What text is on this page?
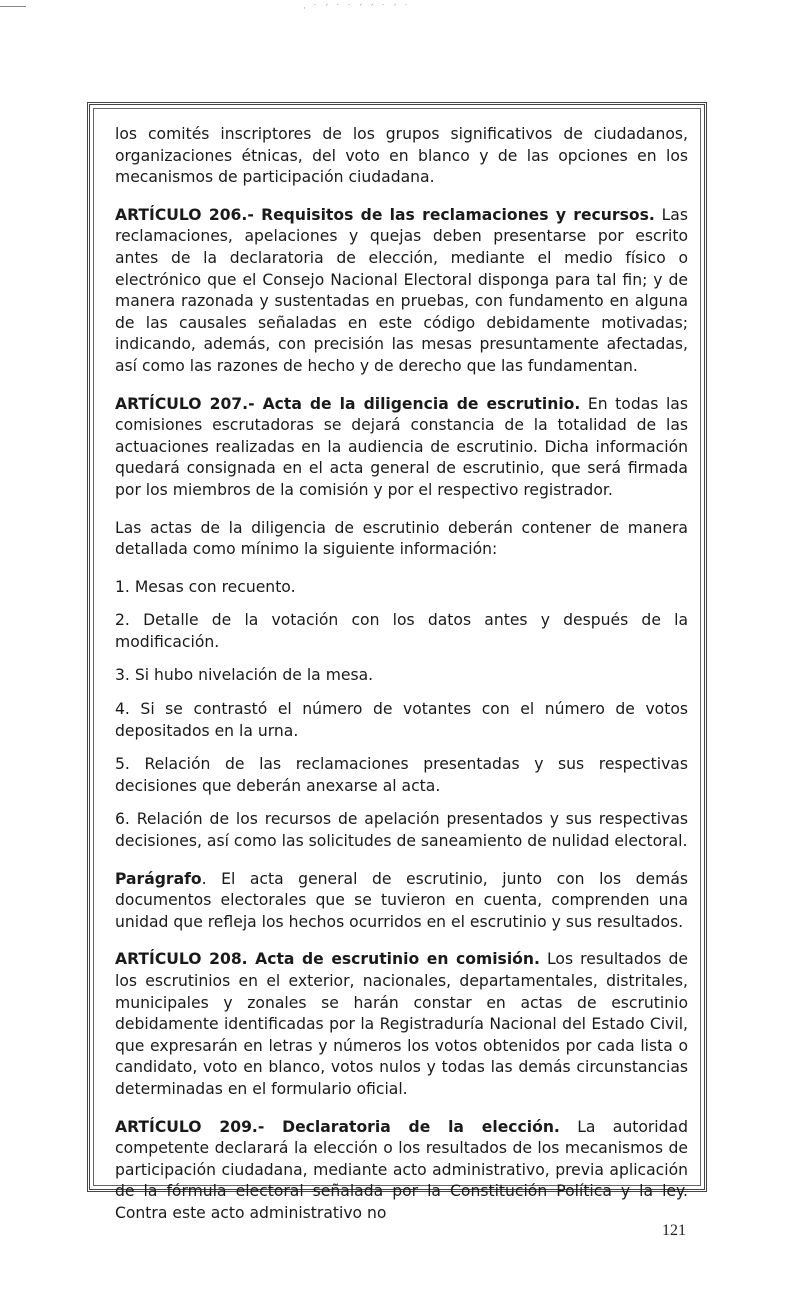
· ˙ ´ ˙ ˙ ´ ´ ˙ ´ ˙

los comités inscriptores de los grupos significativos de ciudadanos, organizaciones étnicas, del voto en blanco y de las opciones en los mecanismos de participación ciudadana.

ARTÍCULO 206.- Requisitos de las reclamaciones y recursos. Las reclamaciones, apelaciones y quejas deben presentarse por escrito antes de la declaratoria de elección, mediante el medio físico o electrónico que el Consejo Nacional Electoral disponga para tal fin; y de manera razonada y sustentadas en pruebas, con fundamento en alguna de las causales señaladas en este código debidamente motivadas; indicando, además, con precisión las mesas presuntamente afectadas, así como las razones de hecho y de derecho que las fundamentan.

ARTÍCULO 207.- Acta de la diligencia de escrutinio. En todas las comisiones escrutadoras se dejará constancia de la totalidad de las actuaciones realizadas en la audiencia de escrutinio. Dicha información quedará consignada en el acta general de escrutinio, que será firmada por los miembros de la comisión y por el respectivo registrador.

Las actas de la diligencia de escrutinio deberán contener de manera detallada como mínimo la siguiente información:

1. Mesas con recuento.

2. Detalle de la votación con los datos antes y después de la modificación.

3. Si hubo nivelación de la mesa.

4. Si se contrastó el número de votantes con el número de votos depositados en la urna.

5. Relación de las reclamaciones presentadas y sus respectivas decisiones que deberán anexarse al acta.

6. Relación de los recursos de apelación presentados y sus respectivas decisiones, así como las solicitudes de saneamiento de nulidad electoral.

Parágrafo. El acta general de escrutinio, junto con los demás documentos electorales que se tuvieron en cuenta, comprenden una unidad que refleja los hechos ocurridos en el escrutinio y sus resultados.

ARTÍCULO 208. Acta de escrutinio en comisión. Los resultados de los escrutinios en el exterior, nacionales, departamentales, distritales, municipales y zonales se harán constar en actas de escrutinio debidamente identificadas por la Registraduría Nacional del Estado Civil, que expresarán en letras y números los votos obtenidos por cada lista o candidato, voto en blanco, votos nulos y todas las demás circunstancias determinadas en el formulario oficial.

ARTÍCULO 209.- Declaratoria de la elección. La autoridad competente declarará la elección o los resultados de los mecanismos de participación ciudadana, mediante acto administrativo, previa aplicación de la fórmula electoral señalada por la Constitución Política y la ley. Contra este acto administrativo no

121
